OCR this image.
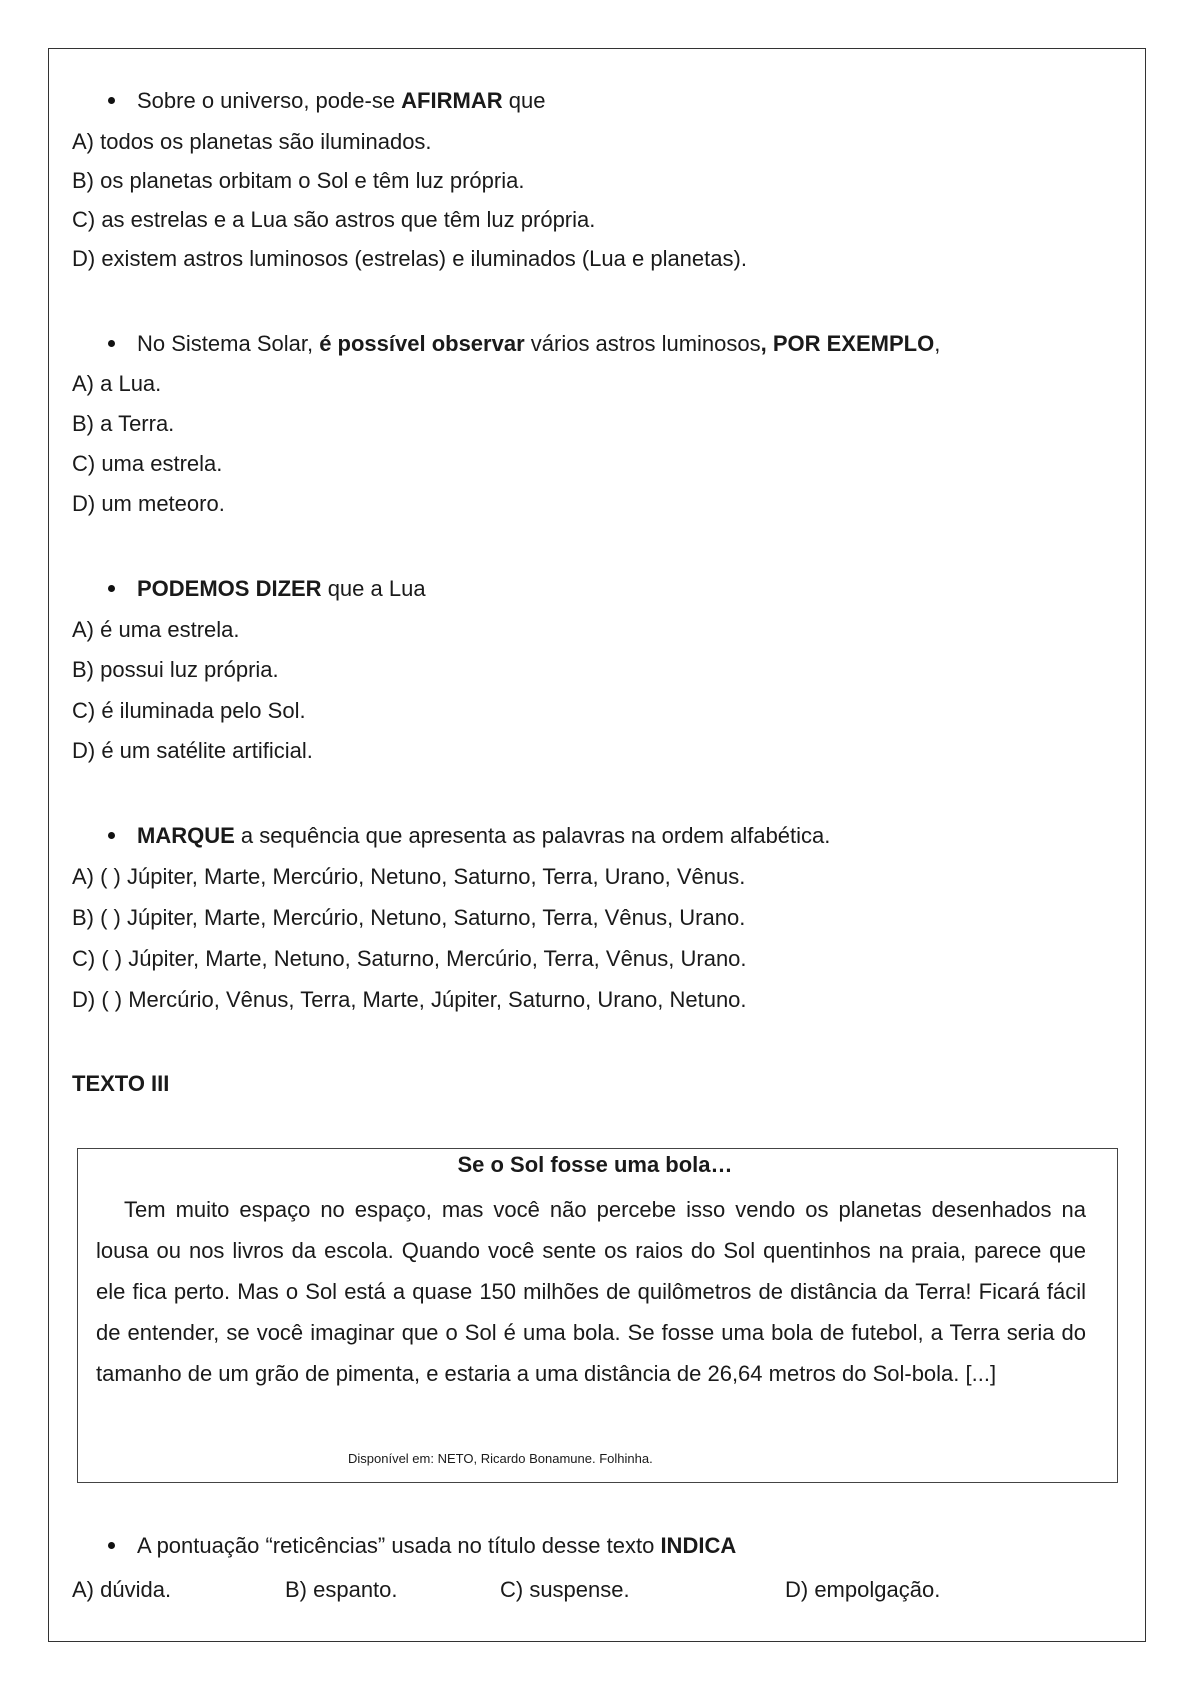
Sobre o universo, pode-se AFIRMAR que
A) todos os planetas são iluminados.
B) os planetas orbitam o Sol e têm luz própria.
C) as estrelas e a Lua são astros que têm luz própria.
D) existem astros luminosos (estrelas) e iluminados (Lua e planetas).
No Sistema Solar, é possível observar vários astros luminosos, POR EXEMPLO,
A) a Lua.
B) a Terra.
C) uma estrela.
D) um meteoro.
PODEMOS DIZER que a Lua
A) é uma estrela.
B) possui luz própria.
C) é iluminada pelo Sol.
D) é um satélite artificial.
MARQUE a sequência que apresenta as palavras na ordem alfabética.
A) ( ) Júpiter, Marte, Mercúrio, Netuno, Saturno, Terra, Urano, Vênus.
B) ( ) Júpiter, Marte, Mercúrio, Netuno, Saturno, Terra, Vênus, Urano.
C) ( ) Júpiter, Marte, Netuno, Saturno, Mercúrio, Terra, Vênus, Urano.
D) ( ) Mercúrio, Vênus, Terra, Marte, Júpiter, Saturno, Urano, Netuno.
TEXTO III
Se o Sol fosse uma bola…
Tem muito espaço no espaço, mas você não percebe isso vendo os planetas desenhados na lousa ou nos livros da escola. Quando você sente os raios do Sol quentinhos na praia, parece que ele fica perto. Mas o Sol está a quase 150 milhões de quilômetros de distância da Terra! Ficará fácil de entender, se você imaginar que o Sol é uma bola. Se fosse uma bola de futebol, a Terra seria do tamanho de um grão de pimenta, e estaria a uma distância de 26,64 metros do Sol-bola. [...]
Disponível em: NETO, Ricardo Bonamune. Folhinha.
A pontuação “reticências” usada no título desse texto INDICA
A) dúvida.	B) espanto.	C) suspense.	D) empolgação.
